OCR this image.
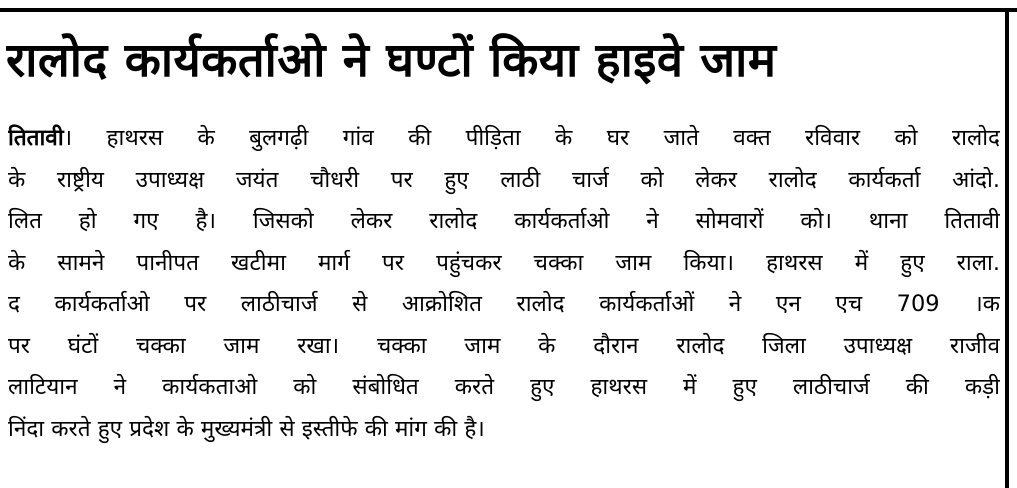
रालोद कार्यकर्ताओ ने घण्टों किया हाइवे जाम
तितावी। हाथरस के बुलगढ़ी गांव की पीड़िता के घर जाते वक्त रविवार को रालोद
के राष्ट्रीय उपाध्यक्ष जयंत चौधरी पर हुए लाठी चार्ज को लेकर रालोद कार्यकर्ता आंदो.
लित हो गए है। जिसको लेकर रालोद कार्यकर्ताओ ने सोमवारों को। थाना तितावी
के सामने पानीपत खटीमा मार्ग पर पहुंचकर चक्का जाम किया। हाथरस में हुए राला.
द कार्यकर्ताओ पर लाठीचार्ज से आक्रोशित रालोद कार्यकर्ताओं ने एन एच 709 ।क
पर घंटों चक्का जाम रखा। चक्का जाम के दौरान रालोद जिला उपाध्यक्ष राजीव
लाटियान ने कार्यकताओ को संबोधित करते हुए हाथरस में हुए लाठीचार्ज की कड़ी
निंदा करते हुए प्रदेश के मुख्यमंत्री से इस्तीफे की मांग की है।
